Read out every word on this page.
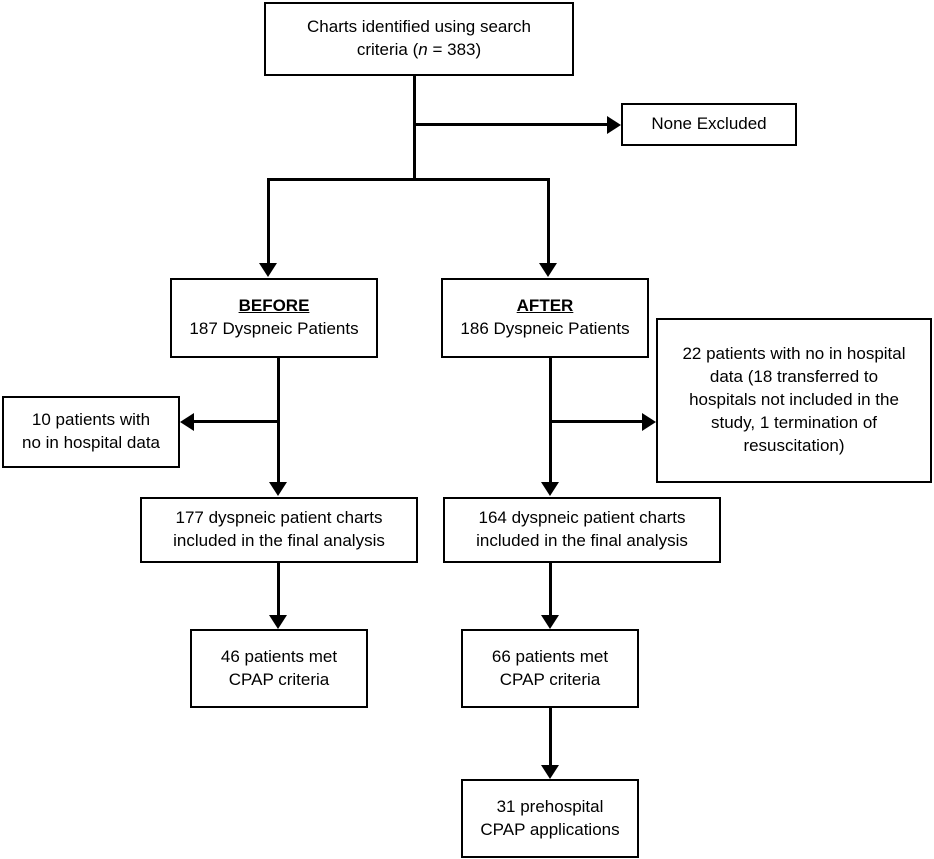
Charts identified using search
criteria (n = 383)
None Excluded
BEFORE
187 Dyspneic Patients
AFTER
186 Dyspneic Patients
10 patients with
no in hospital data
22 patients with no in hospital
data (18 transferred to
hospitals not included in the
study, 1 termination of
resuscitation)
177 dyspneic patient charts
included in the final analysis
164 dyspneic patient charts
included in the final analysis
46 patients met
CPAP criteria
66 patients met
CPAP criteria
31 prehospital
CPAP applications
